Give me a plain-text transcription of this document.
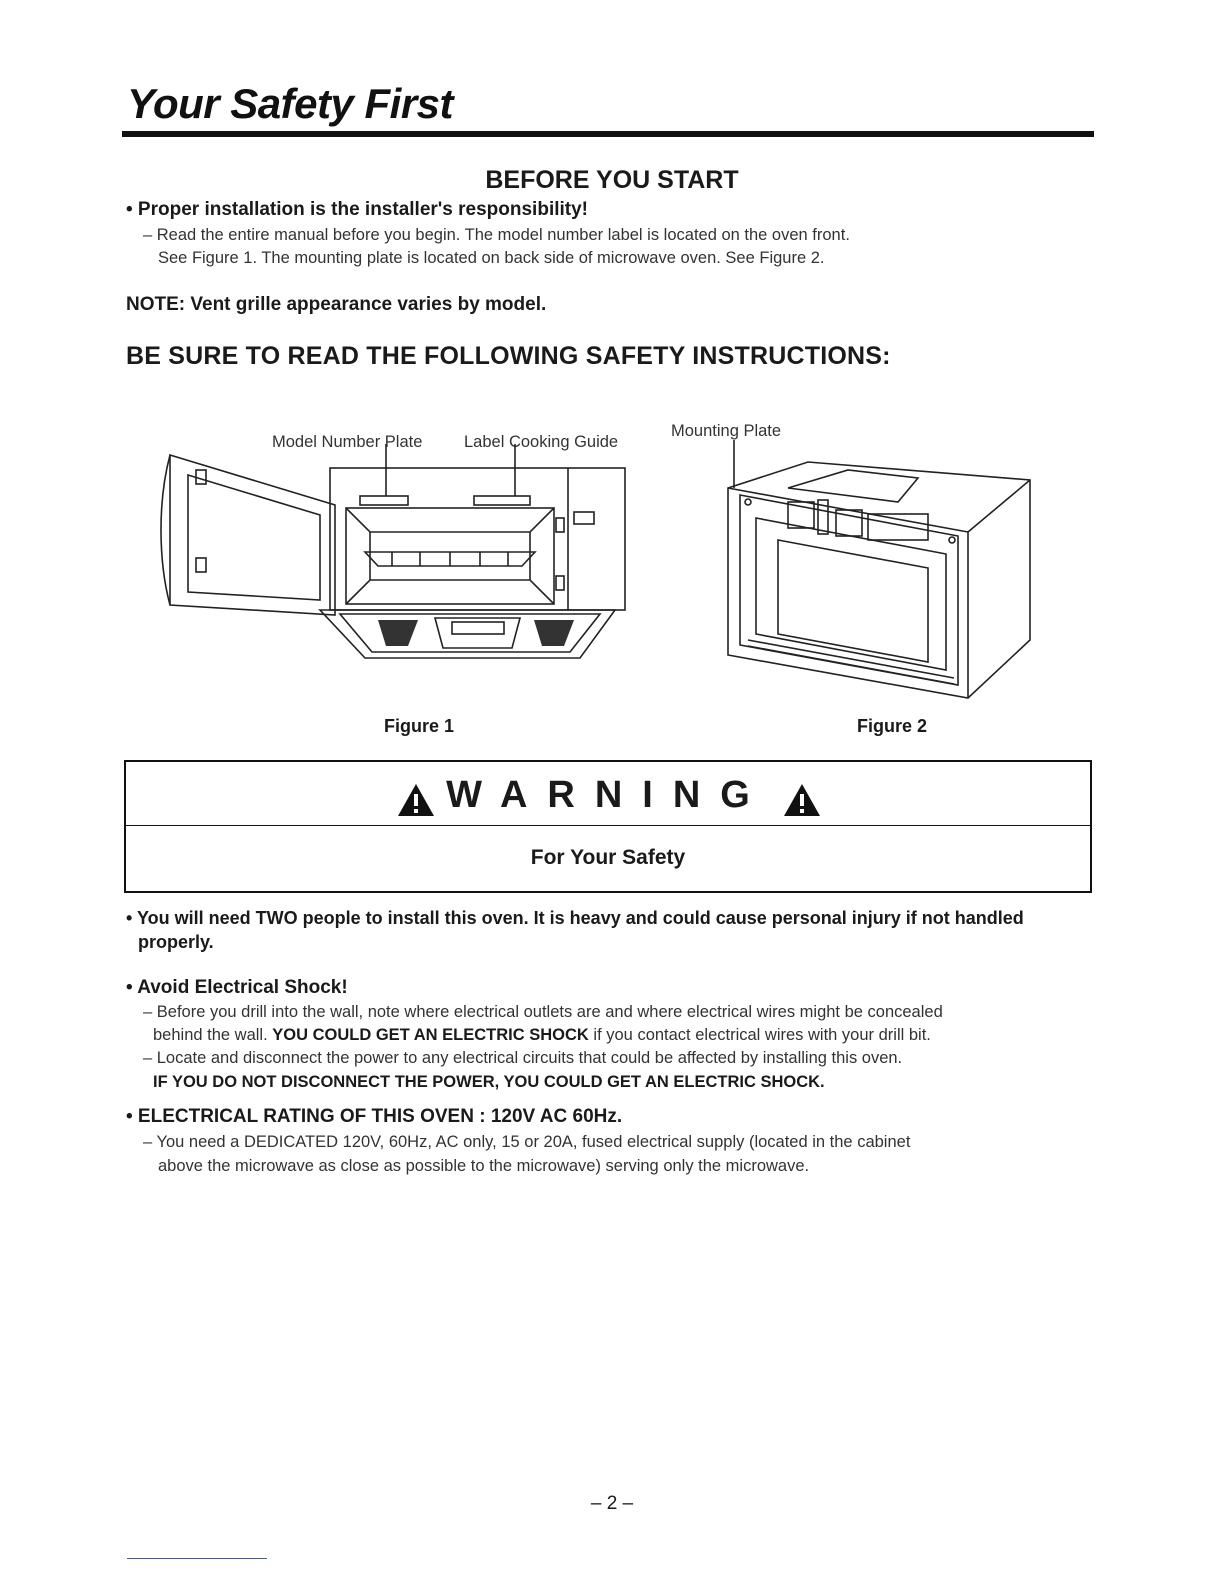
Your Safety First
BEFORE YOU START
• Proper installation is the installer's responsibility!
– Read the entire manual before you begin. The model number label is located on the oven front.
See Figure 1. The mounting plate is located on back side of microwave oven. See Figure 2.
NOTE: Vent grille appearance varies by model.
BE SURE TO READ THE FOLLOWING SAFETY INSTRUCTIONS:
Model Number Plate	Label Cooking Guide
Figure 1
Mounting Plate
Figure 2
WARNING
For Your Safety
• You will need TWO people to install this oven. It is heavy and could cause personal injury if not handled
properly.
• Avoid Electrical Shock!
– Before you drill into the wall, note where electrical outlets are and where electrical wires might be concealed
behind the wall. YOU COULD GET AN ELECTRIC SHOCK if you contact electrical wires with your drill bit.
– Locate and disconnect the power to any electrical circuits that could be affected by installing this oven.
IF YOU DO NOT DISCONNECT THE POWER, YOU COULD GET AN ELECTRIC SHOCK.
• ELECTRICAL RATING OF THIS OVEN : 120V AC 60Hz.
– You need a DEDICATED 120V, 60Hz, AC only, 15 or 20A, fused electrical supply (located in the cabinet
above the microwave as close as possible to the microwave) serving only the microwave.
– 2 –
